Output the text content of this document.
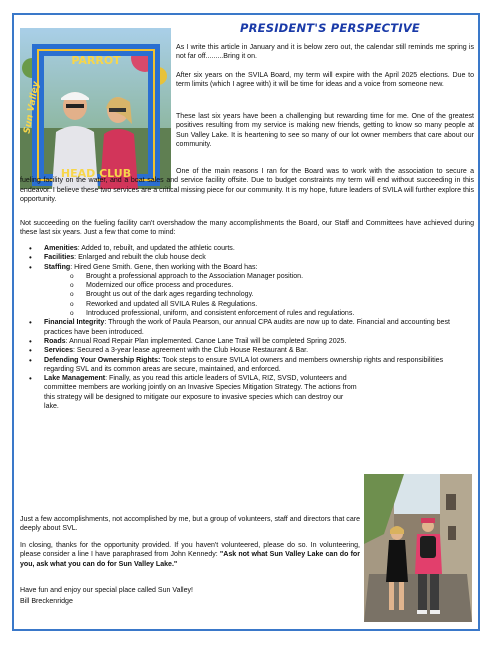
PRESIDENT'S PERSPECTIVE
PARROT
HEAD CLUB
Sun Valley

As I write this article in January and it is below zero out, the calendar still reminds me spring is not far off.........Bring it on.

After six years on the SVILA Board, my term will expire with the April 2025 elections. Due to term limits (which I agree with) it will be time for ideas and a voice from someone new.

These last six years have been a challenging but rewarding time for me. One of the greatest positives resulting from my service is making new friends, getting to know so many people at Sun Valley Lake. It is heartening to see so many of our lot owner members that care about our community.

One of the main reasons I ran for the Board was to work with the association to secure a fueling facility on the water, and a boat sales and service facility offsite. Due to budget constraints my term will end without succeeding in this endeavor. I believe these two services are a critical missing piece for our community. It is my hope, future leaders of SVILA will further explore this opportunity.

Not succeeding on the fueling facility can't overshadow the many accomplishments the Board, our Staff and Committees have achieved during these last six years. Just a few that come to mind:

• Amenities: Added to, rebuilt, and updated the athletic courts.
• Facilities: Enlarged and rebuilt the club house deck
• Staffing: Hired Gene Smith. Gene, then working with the Board has:
o Brought a professional approach to the Association Manager position.
o Modernized our office process and procedures.
o Brought us out of the dark ages regarding technology.
o Reworked and updated all SVILA Rules & Regulations.
o Introduced professional, uniform, and consistent enforcement of rules and regulations.
• Financial Integrity: Through the work of Paula Pearson, our annual CPA audits are now up to date. Financial and accounting best practices have been introduced.
• Roads: Annual Road Repair Plan implemented. Canoe Lane Trail will be completed Spring 2025.
• Services: Secured a 3-year lease agreement with the Club House Restaurant & Bar.
• Defending Your Ownership Rights: Took steps to ensure SVILA lot owners and members ownership rights and responsibilities regarding SVL and its common areas are secure, maintained, and enforced.
• Lake Management: Finally, as you read this article leaders of SVILA, RIZ, SVSD, volunteers and committee members are working jointly on an Invasive Species Mitigation Strategy. The actions from this strategy will be designed to mitigate our exposure to invasive species which can destroy our lake.

Just a few accomplishments, not accomplished by me, but a group of volunteers, staff and directors that care deeply about SVL.

In closing, thanks for the opportunity provided. If you haven't volunteered, please do so. In volunteering, please consider a line I have paraphrased from John Kennedy: "Ask not what Sun Valley Lake can do for you, ask what you can do for Sun Valley Lake."

Have fun and enjoy our special place called Sun Valley!

Bill Breckenridge
